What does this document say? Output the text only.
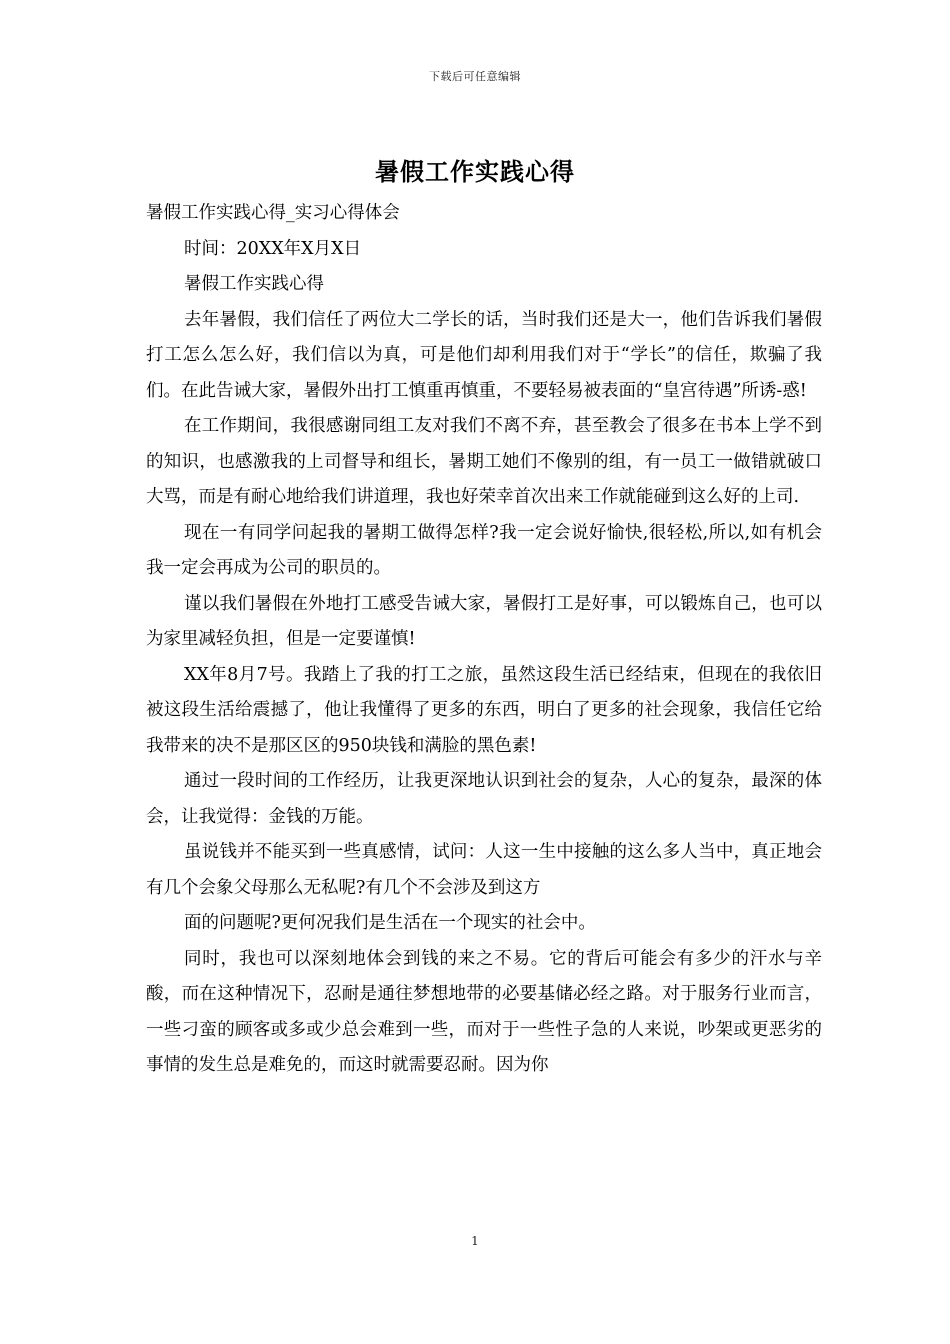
下载后可任意编辑
暑假工作实践心得

暑假工作实践心得_实习心得体会

时间：20XX年X月X日

暑假工作实践心得

去年暑假，我们信任了两位大二学长的话，当时我们还是大一，他们告诉我们暑假打工怎么怎么好，我们信以为真，可是他们却利用我们对于“学长”的信任，欺骗了我们。在此告诫大家，暑假外出打工慎重再慎重，不要轻易被表面的“皇宫待遇”所诱-惑!

在工作期间，我很感谢同组工友对我们不离不弃，甚至教会了很多在书本上学不到的知识，也感激我的上司督导和组长，暑期工她们不像别的组，有一员工一做错就破口大骂，而是有耐心地给我们讲道理，我也好荣幸首次出来工作就能碰到这么好的上司.

现在一有同学问起我的暑期工做得怎样?我一定会说好愉快,很轻松,所以,如有机会我一定会再成为公司的职员的。

谨以我们暑假在外地打工感受告诫大家，暑假打工是好事，可以锻炼自己，也可以为家里减轻负担，但是一定要谨慎!

XX年8月7号。我踏上了我的打工之旅，虽然这段生活已经结束，但现在的我依旧被这段生活给震撼了，他让我懂得了更多的东西，明白了更多的社会现象，我信任它给我带来的决不是那区区的950块钱和满脸的黑色素!

通过一段时间的工作经历，让我更深地认识到社会的复杂，人心的复杂，最深的体会，让我觉得：金钱的万能。

虽说钱并不能买到一些真感情，试问：人这一生中接触的这么多人当中，真正地会有几个会象父母那么无私呢?有几个不会涉及到这方

面的问题呢?更何况我们是生活在一个现实的社会中。

同时，我也可以深刻地体会到钱的来之不易。它的背后可能会有多少的汗水与辛酸，而在这种情况下，忍耐是通往梦想地带的必要基储必经之路。对于服务行业而言，一些刁蛮的顾客或多或少总会难到一些，而对于一些性子急的人来说，吵架或更恶劣的事情的发生总是难免的，而这时就需要忍耐。因为你

1
